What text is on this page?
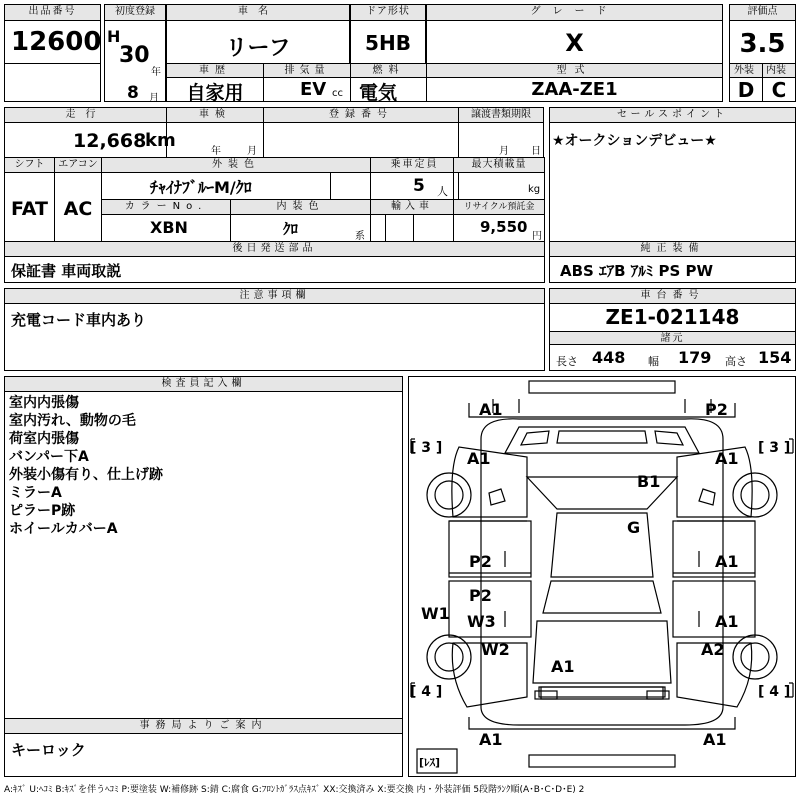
出品番号
12600
初度登録
H
30
年
8 月
車名
リーフ
ドア形状
5HB
グレード
X
評価点
3.5
外装 内装
D C
車歴
自家用
排気量
EV cc
燃料
電気
型式
ZAA-ZE1
走行
12,668
km
車検
年	月
登録番号	譲渡書類期限
月 日
セールスポイント
★オークションデビュー★
シフト
FAT
エアコン
AC
外装色
ﾁｬｲﾅﾌﾞﾙｰM/ｸﾛ
乗車定員
5 人
最大積載量
kg
カラーNo.
XBN
内装色
ｸﾛ	系
輸入車	リサイクル預託金
9,550
円
後日発送部品
保証書 車両取説
純正装備
ABS ｴｱB ｱﾙﾐ PS PW
注意事項欄
充電コード車内あり
車台番号
ZE1-021148
諸元
長さ 448 幅 179 高さ 154
検査員記入欄
室内内張傷
室内汚れ、動物の毛
荷室内張傷
バンパー下A
外装小傷有り、仕上げ跡
ミラーA
ピラーP跡
ホイールカバーA
事務局よりご案内
キーロック
A1	P2
A1	A1
B1
G
P2	A1
P2
W3	A1
W1
W2	A2
A1
A1	A1
[ 3 ]	[ 3 ]
[ 4 ]	[ 4 ]
[ﾚｽ]
A:ｷｽﾞ U:ﾍｺﾐ B:ｷｽﾞを伴うﾍｺﾐ P:要塗装 W:補修跡 S:錆 C:腐食 G:ﾌﾛﾝﾄｶﾞﾗｽ点ｷｽﾞ XX:交換済み X:要交換 内・外装評価 5段階ﾗﾝｸ順(A･B･C･D･E) 2
